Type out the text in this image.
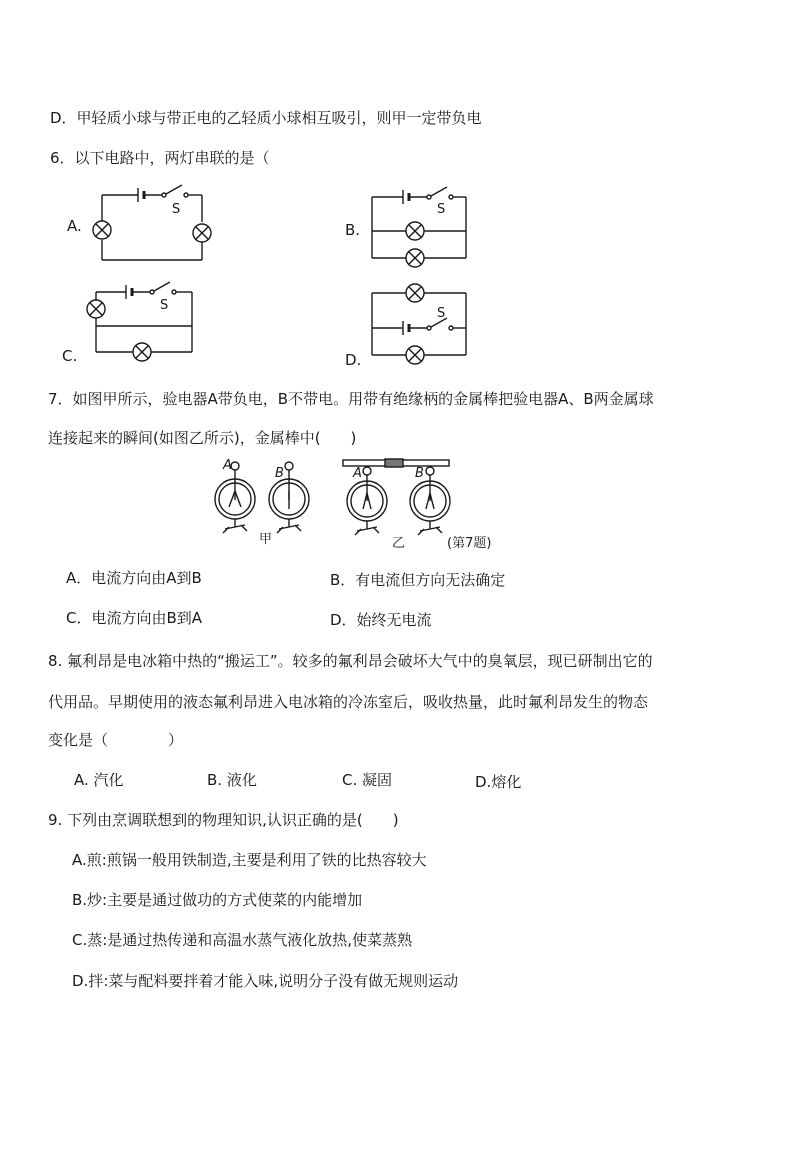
D．甲轻质小球与带正电的乙轻质小球相互吸引，则甲一定带负电
6．以下电路中，两灯串联的是（
A.	B.
C.	D.
S	S
S
S
7．如图甲所示，验电器A带负电，B不带电。用带有绝缘柄的金属棒把验电器A、B两金属球
连接起来的瞬间(如图乙所示)，金属棒中(　　)
A
B	A	B
甲	乙	(第7题)
A．电流方向由A到B	B．有电流但方向无法确定
C．电流方向由B到A	D．始终无电流
8. 氟利昂是电冰箱中热的“搬运工”。较多的氟利昂会破坏大气中的臭氧层，现已研制出它的
代用品。早期使用的液态氟利昂进入电冰箱的冷冻室后，吸收热量，此时氟利昂发生的物态
变化是（　　　　）
A. 汽化	B. 液化	C. 凝固	D.熔化
9. 下列由烹调联想到的物理知识,认识正确的是(　　)
A.煎:煎锅一般用铁制造,主要是利用了铁的比热容较大
B.炒:主要是通过做功的方式使菜的内能增加
C.蒸:是通过热传递和高温水蒸气液化放热,使菜蒸熟
D.拌:菜与配料要拌着才能入味,说明分子没有做无规则运动
